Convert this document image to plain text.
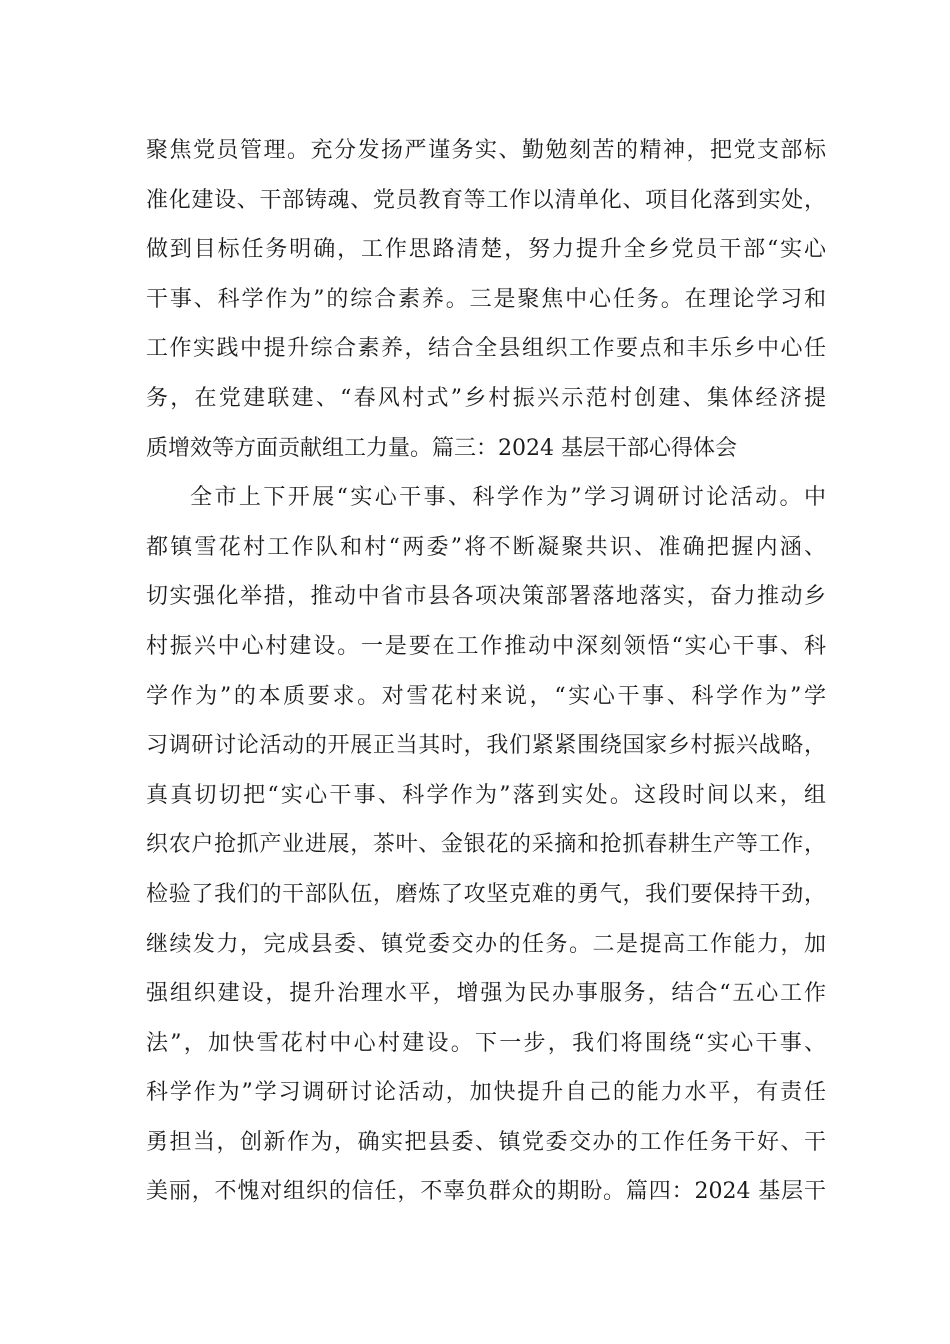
聚焦党员管理。充分发扬严谨务实、勤勉刻苦的精神，把党支部标
准化建设、干部铸魂、党员教育等工作以清单化、项目化落到实处，
做到目标任务明确，工作思路清楚，努力提升全乡党员干部“实心
干事、科学作为”的综合素养。三是聚焦中心任务。在理论学习和
工作实践中提升综合素养，结合全县组织工作要点和丰乐乡中心任
务，在党建联建、“春风村式”乡村振兴示范村创建、集体经济提
质增效等方面贡献组工力量。篇三：2024 基层干部心得体会
全市上下开展“实心干事、科学作为”学习调研讨论活动。中
都镇雪花村工作队和村“两委”将不断凝聚共识、准确把握内涵、
切实强化举措，推动中省市县各项决策部署落地落实，奋力推动乡
村振兴中心村建设。一是要在工作推动中深刻领悟“实心干事、科
学作为”的本质要求。对雪花村来说，“实心干事、科学作为”学
习调研讨论活动的开展正当其时，我们紧紧围绕国家乡村振兴战略，
真真切切把“实心干事、科学作为”落到实处。这段时间以来，组
织农户抢抓产业进展，茶叶、金银花的采摘和抢抓春耕生产等工作，
检验了我们的干部队伍，磨炼了攻坚克难的勇气，我们要保持干劲，
继续发力，完成县委、镇党委交办的任务。二是提高工作能力，加
强组织建设，提升治理水平，增强为民办事服务，结合“五心工作
法”，加快雪花村中心村建设。下一步，我们将围绕“实心干事、
科学作为”学习调研讨论活动，加快提升自己的能力水平，有责任
勇担当，创新作为，确实把县委、镇党委交办的工作任务干好、干
美丽，不愧对组织的信任，不辜负群众的期盼。篇四：2024 基层干
